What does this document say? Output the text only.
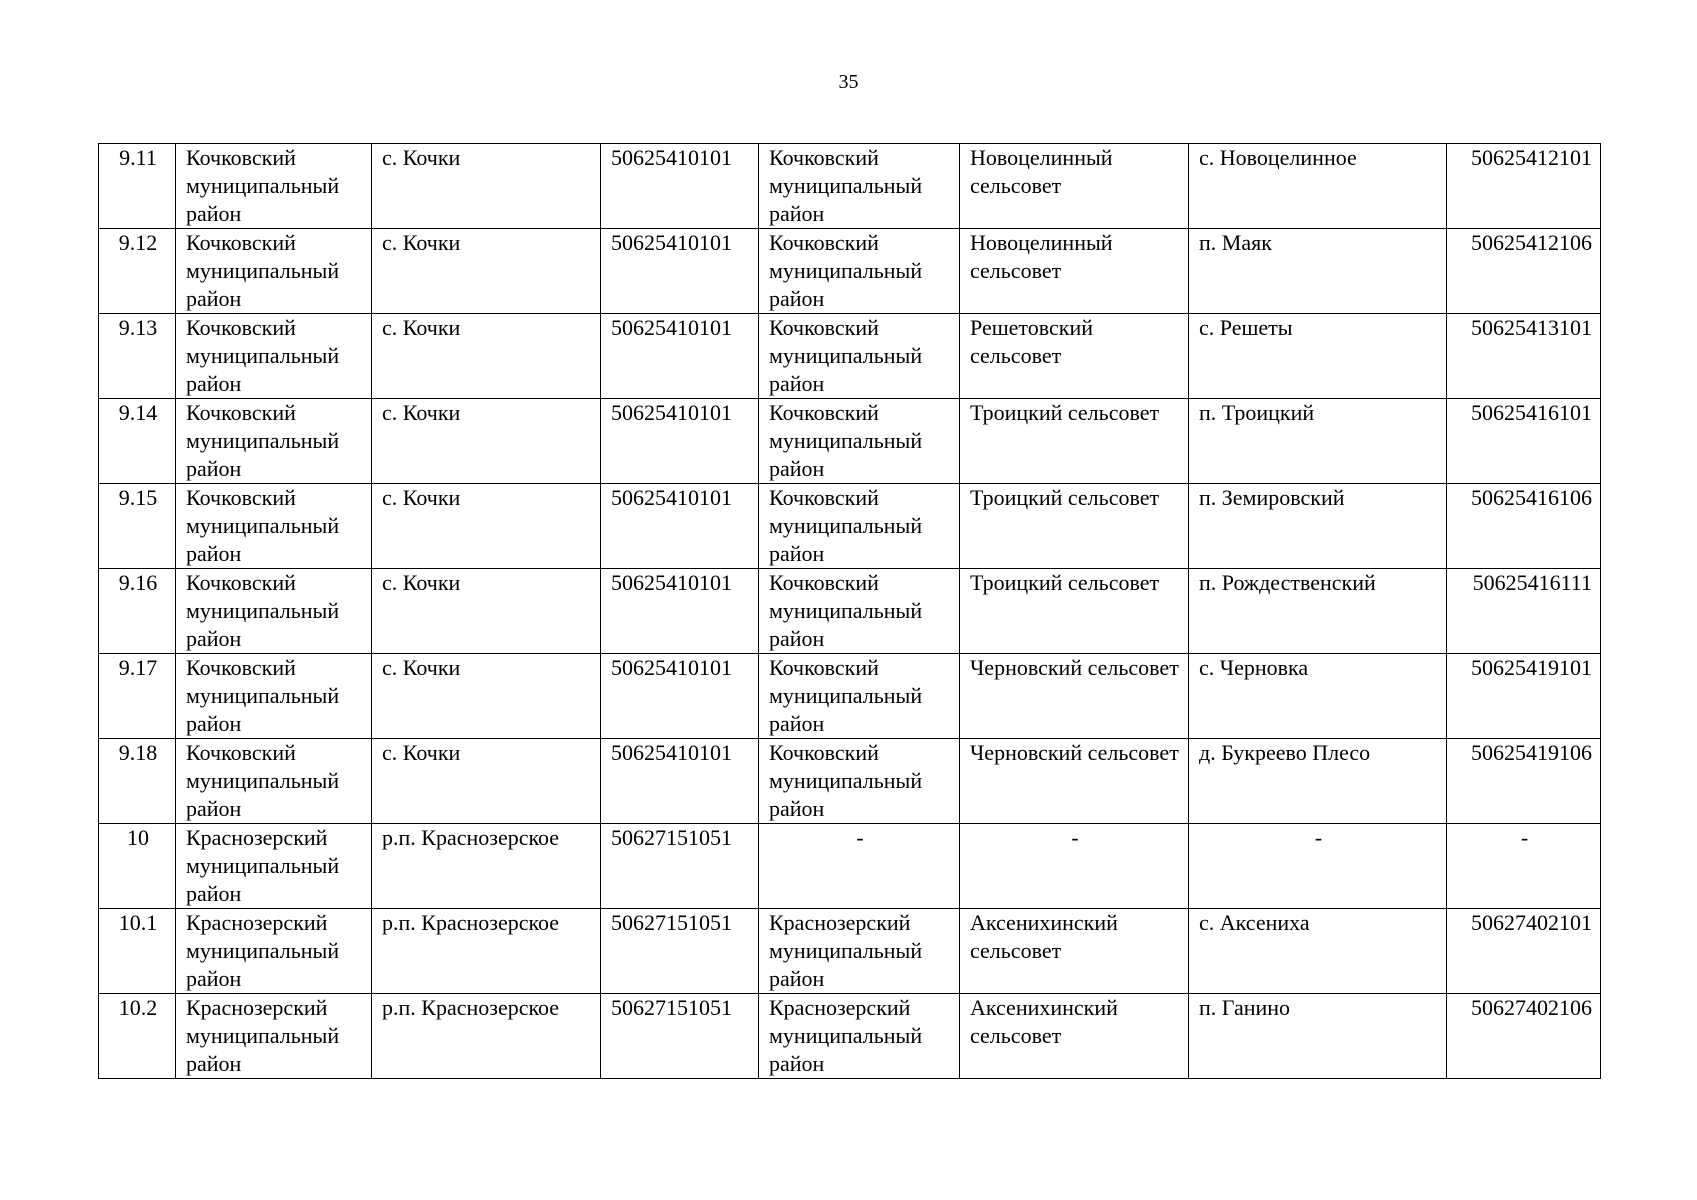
35
9.11	Кочковский муниципальный район	с. Кочки	50625410101	Кочковский муниципальный район	Новоцелинный сельсовет	с. Новоцелинное	50625412101
9.12	Кочковский муниципальный район	с. Кочки	50625410101	Кочковский муниципальный район	Новоцелинный сельсовет	п. Маяк	50625412106
9.13	Кочковский муниципальный район	с. Кочки	50625410101	Кочковский муниципальный район	Решетовский сельсовет	с. Решеты	50625413101
9.14	Кочковский муниципальный район	с. Кочки	50625410101	Кочковский муниципальный район	Троицкий сельсовет	п. Троицкий	50625416101
9.15	Кочковский муниципальный район	с. Кочки	50625410101	Кочковский муниципальный район	Троицкий сельсовет	п. Земировский	50625416106
9.16	Кочковский муниципальный район	с. Кочки	50625410101	Кочковский муниципальный район	Троицкий сельсовет	п. Рождественский	50625416111
9.17	Кочковский муниципальный район	с. Кочки	50625410101	Кочковский муниципальный район	Черновский сельсовет	с. Черновка	50625419101
9.18	Кочковский муниципальный район	с. Кочки	50625410101	Кочковский муниципальный район	Черновский сельсовет	д. Букреево Плесо	50625419106
10	Краснозерский муниципальный район	р.п. Краснозерское	50627151051	-	-	-	-
10.1	Краснозерский муниципальный район	р.п. Краснозерское	50627151051	Краснозерский муниципальный район	Аксенихинский сельсовет	с. Аксениха	50627402101
10.2	Краснозерский муниципальный район	р.п. Краснозерское	50627151051	Краснозерский муниципальный район	Аксенихинский сельсовет	п. Ганино	50627402106
